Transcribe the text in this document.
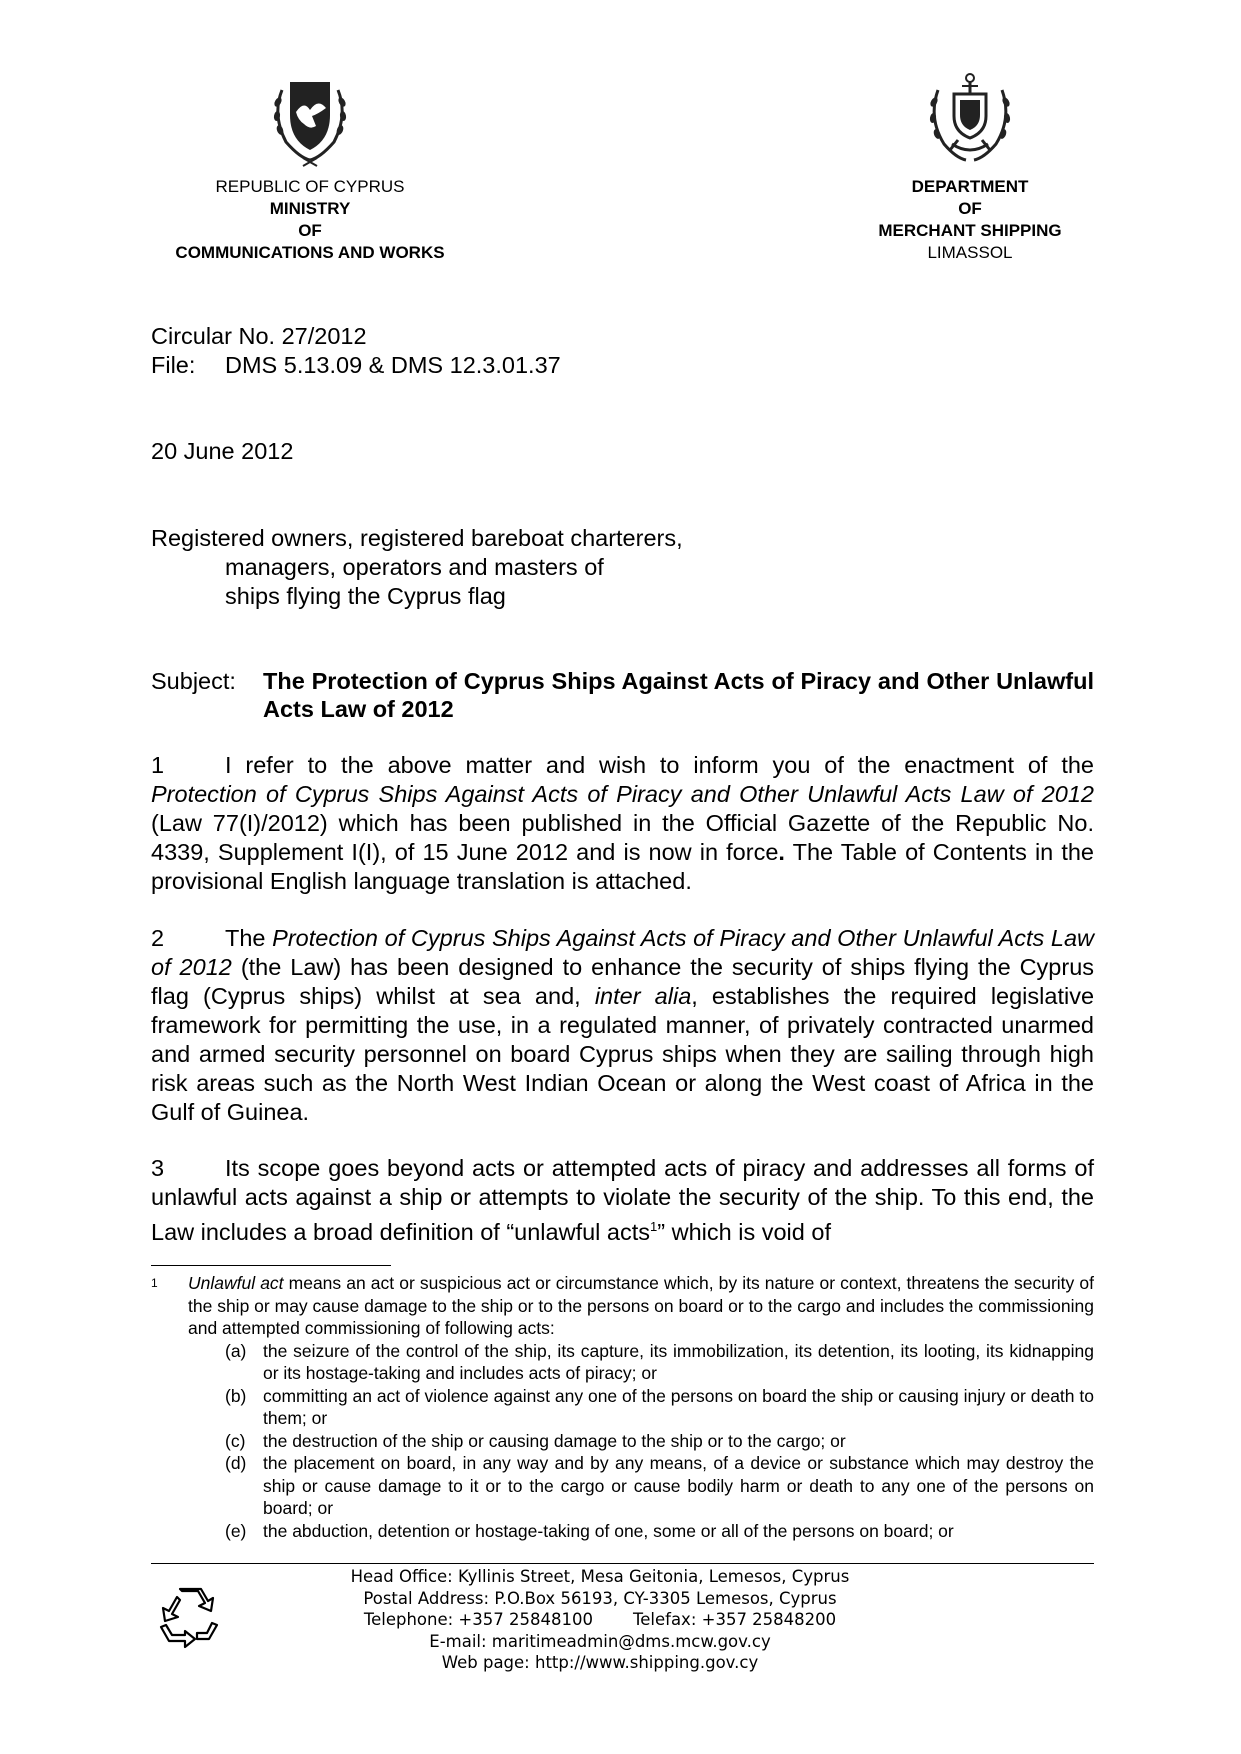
REPUBLIC OF CYPRUS
MINISTRY
OF
COMMUNICATIONS AND WORKS
DEPARTMENT
OF
MERCHANT SHIPPING
LIMASSOL

Circular No. 27/2012

File: DMS 5.13.09 & DMS 12.3.01.37

20 June 2012

Registered owners, registered bareboat charterers,

managers, operators and masters of

ships flying the Cyprus flag

Subject: The Protection of Cyprus Ships Against Acts of Piracy and Other Unlawful Acts Law of 2012

1	I refer to the above matter and wish to inform you of the enactment of the Protection of Cyprus Ships Against Acts of Piracy and Other Unlawful Acts Law of 2012 (Law 77(I)/2012) which has been published in the Official Gazette of the Republic No. 4339, Supplement I(I), of 15 June 2012 and is now in force. The Table of Contents in the provisional English language translation is attached.

2	The Protection of Cyprus Ships Against Acts of Piracy and Other Unlawful Acts Law of 2012 (the Law) has been designed to enhance the security of ships flying the Cyprus flag (Cyprus ships) whilst at sea and, inter alia, establishes the required legislative framework for permitting the use, in a regulated manner, of privately contracted unarmed and armed security personnel on board Cyprus ships when they are sailing through high risk areas such as the North West Indian Ocean or along the West coast of Africa in the Gulf of Guinea.

3	Its scope goes beyond acts or attempted acts of piracy and addresses all forms of unlawful acts against a ship or attempts to violate the security of the ship. To this end, the Law includes a broad definition of “unlawful acts$^1$” which is void of

1 Unlawful act means an act or suspicious act or circumstance which, by its nature or context, threatens the security of the ship or may cause damage to the ship or to the persons on board or to the cargo and includes the commissioning and attempted commissioning of following acts:
(a) the seizure of the control of the ship, its capture, its immobilization, its detention, its looting, its kidnapping or its hostage-taking and includes acts of piracy; or
(b) committing an act of violence against any one of the persons on board the ship or causing injury or death to them; or
(c) the destruction of the ship or causing damage to the ship or to the cargo; or
(d) the placement on board, in any way and by any means, of a device or substance which may destroy the ship or cause damage to it or to the cargo or cause bodily harm or death to any one of the persons on board; or
(e) the abduction, detention or hostage-taking of one, some or all of the persons on board; or
Head Office: Kyllinis Street, Mesa Geitonia, Lemesos, Cyprus
Postal Address: P.O.Box 56193, CY-3305 Lemesos, Cyprus
Telephone: +357 25848100 Telefax: +357 25848200
E-mail: maritimeadmin@dms.mcw.gov.cy
Web page: http://www.shipping.gov.cy
